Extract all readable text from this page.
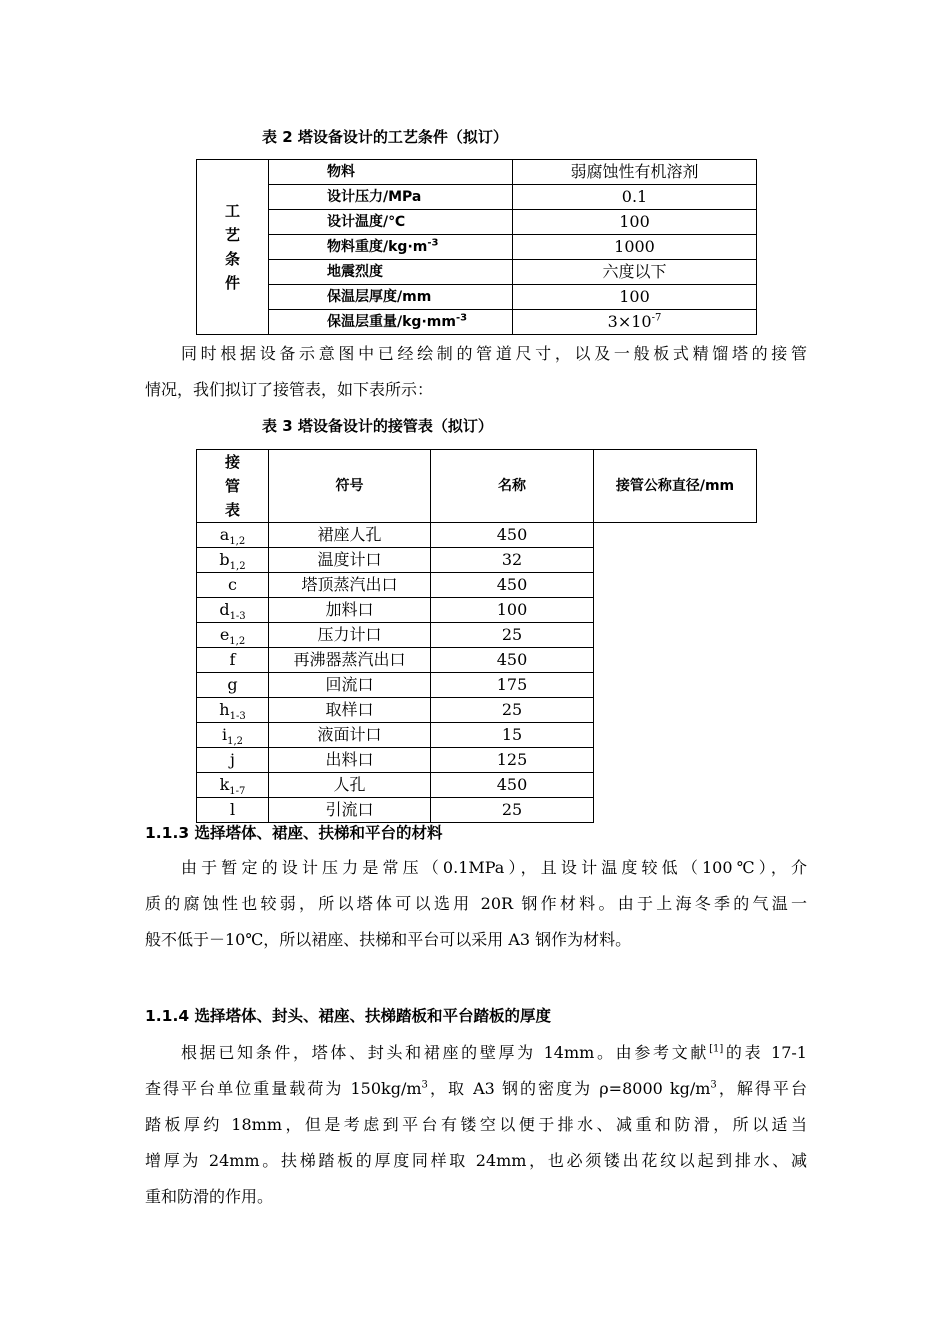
表 2 塔设备设计的工艺条件（拟订）
工
艺
条
件	物料	弱腐蚀性有机溶剂
	设计压力/MPa	0.1
	设计温度/℃	100
	物料重度$/kg\cdot m^{-3}$	1000
	地震烈度	六度以下
	保温层厚度/mm	100
	保温层重量$/kg\cdot mm^{-3}$	$3\times 10^{-7}$
同时根据设备示意图中已经绘制的管道尺寸，以及一般板式精馏塔的接管
情况，我们拟订了接管表，如下表所示：
表 3 塔设备设计的接管表（拟订）
接
管
表	符号	名称	接管公称直径/mm
$a_{1,2}$	裙座人孔	450	
$b_{1,2}$	温度计口	32	
c	塔顶蒸汽出口	450	
$d_{1-3}$	加料口	100	
$e_{1,2}$	压力计口	25	
f	再沸器蒸汽出口	450	
g	回流口	175	
$h_{1-3}$	取样口	25	
$i_{1,2}$	液面计口	15	
j	出料口	125	
$k_{1-7}$	人孔	450	
l	引流口	25	
1.1.3 选择塔体、裙座、扶梯和平台的材料
由于暂定的设计压力是常压（0.1MPa），且设计温度较低（100℃），介
质的腐蚀性也较弱，所以塔体可以选用 20R 钢作材料。由于上海冬季的气温一
般不低于－10℃，所以裙座、扶梯和平台可以采用 A3 钢作为材料。
1.1.4 选择塔体、封头、裙座、扶梯踏板和平台踏板的厚度
根据已知条件，塔体、封头和裙座的壁厚为 14mm。由参考文献[1]的表 17-1
查得平台单位重量载荷为 $150kg/m^3$，取 A3 钢的密度为 ρ=8000 $kg/m^3$，解得平台
踏板厚约 18mm，但是考虑到平台有镂空以便于排水、减重和防滑，所以适当
增厚为 24mm。扶梯踏板的厚度同样取 24mm，也必须镂出花纹以起到排水、减
重和防滑的作用。
